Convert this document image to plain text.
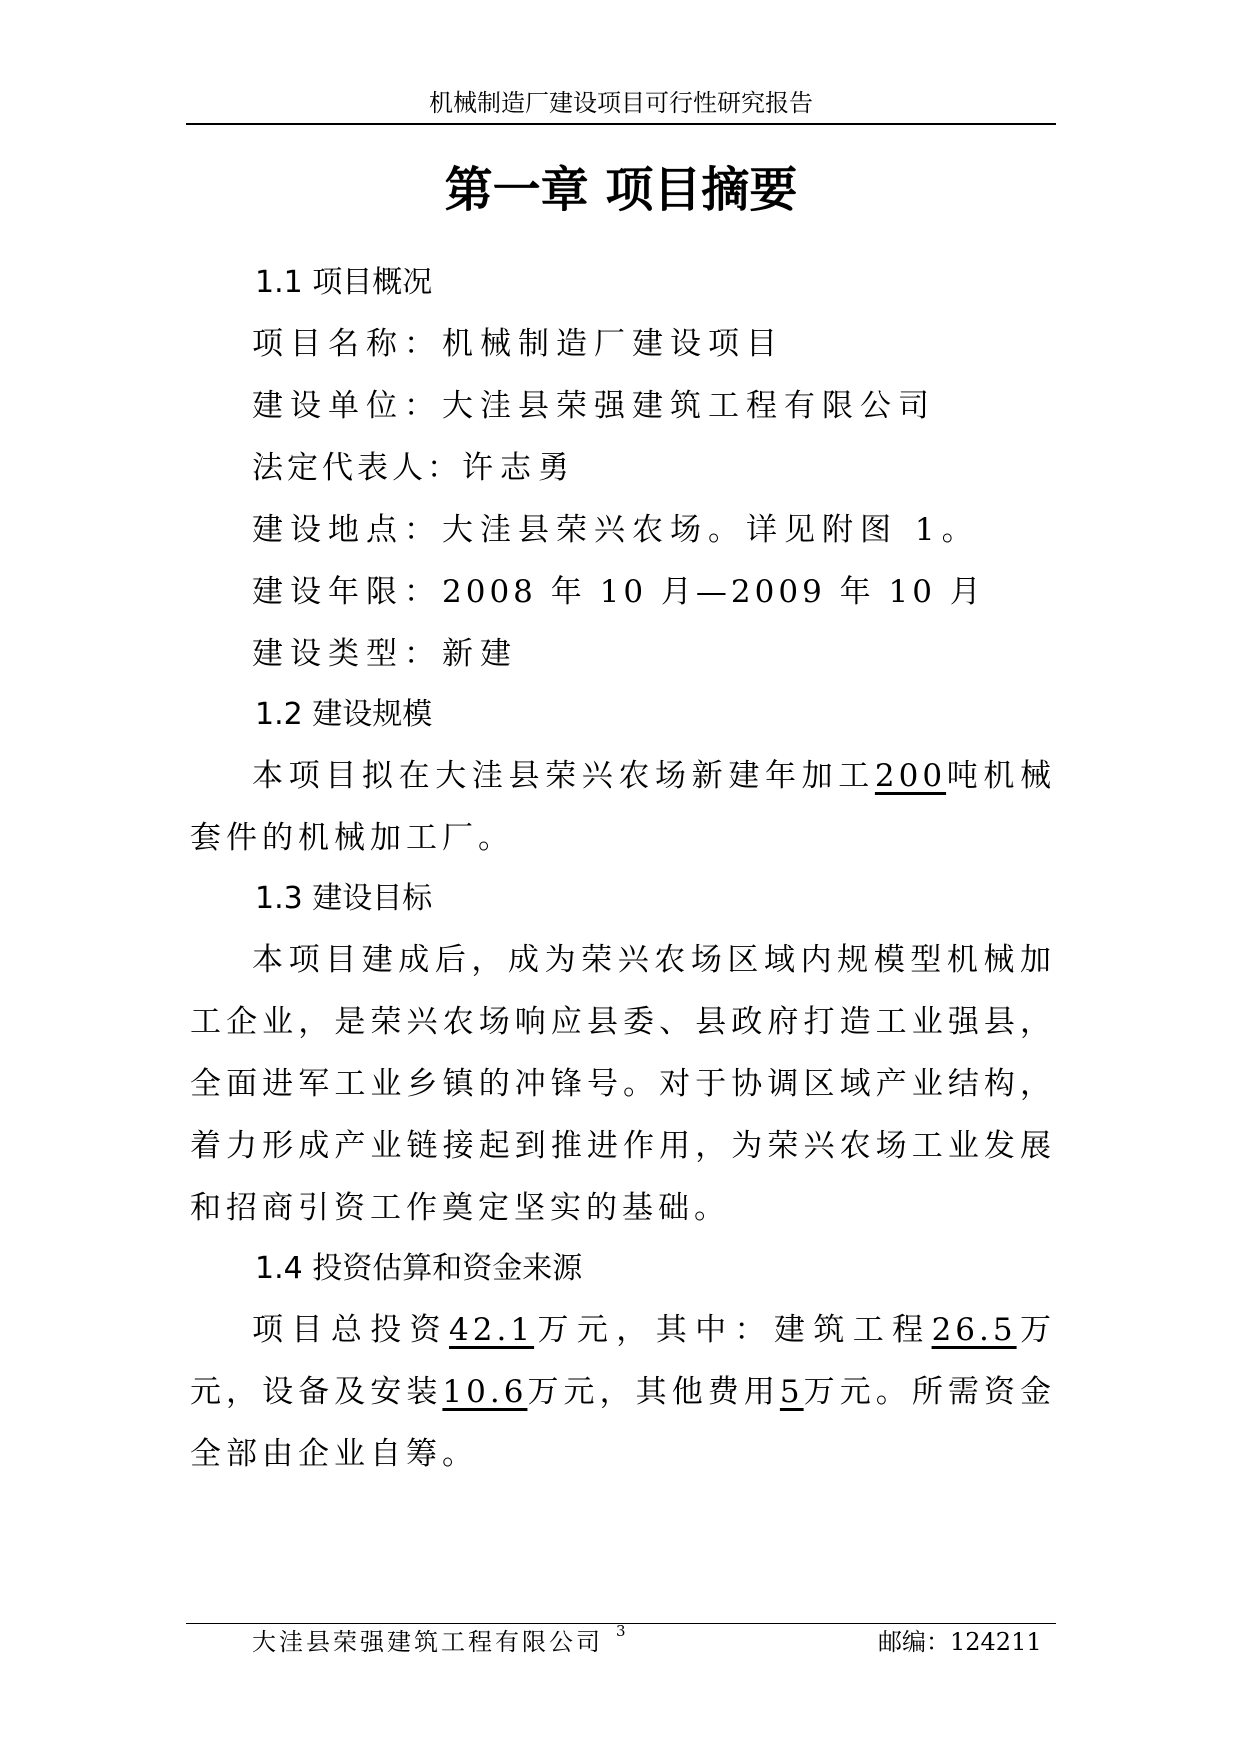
机械制造厂建设项目可行性研究报告
第一章 项目摘要
1.1 项目概况
项目名称：机械制造厂建设项目
建设单位：大洼县荣强建筑工程有限公司
法定代表人：许志勇
建设地点：大洼县荣兴农场。详见附图 1。
建设年限：2008 年 10 月—2009 年 10 月
建设类型：新建
1.2 建设规模

本项目拟在大洼县荣兴农场新建年加工200吨机械套件的机械加工厂。

1.3 建设目标

本项目建成后，成为荣兴农场区域内规模型机械加工企业，是荣兴农场响应县委、县政府打造工业强县，全面进军工业乡镇的冲锋号。对于协调区域产业结构，着力形成产业链接起到推进作用，为荣兴农场工业发展和招商引资工作奠定坚实的基础。

1.4 投资估算和资金来源

项目总投资42.1万元，其中：建筑工程26.5万元，设备及安装10.6万元，其他费用5万元。所需资金全部由企业自筹。

大洼县荣强建筑工程有限公司 3	邮编：124211
